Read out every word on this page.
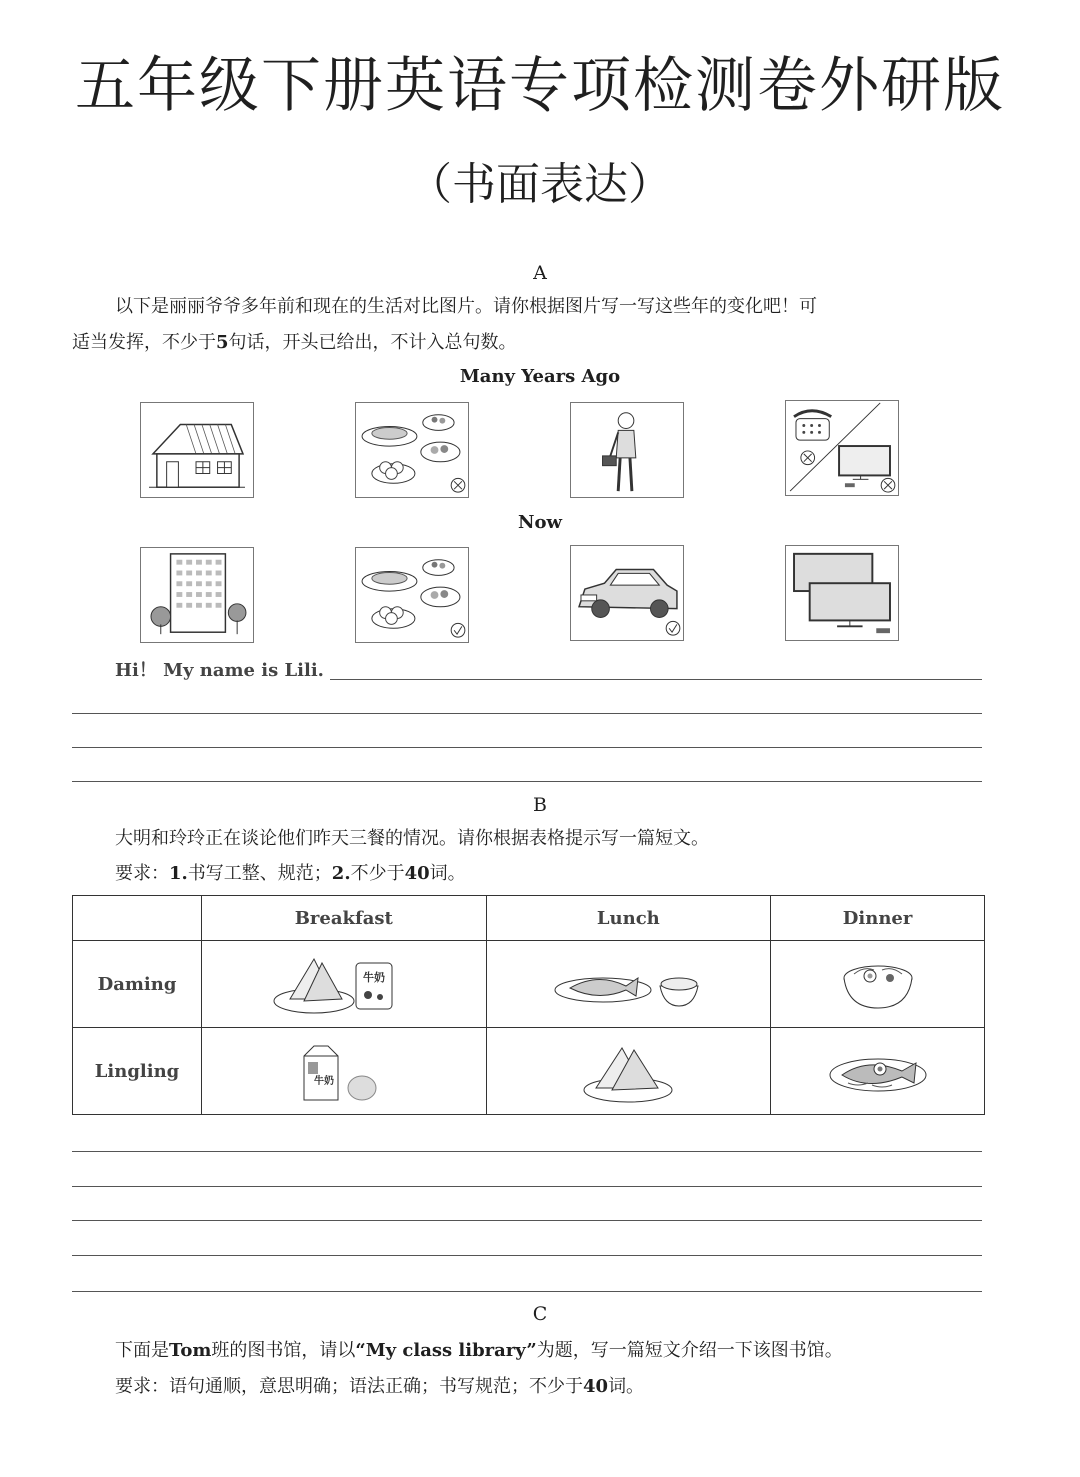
五年级下册英语专项检测卷外研版
（书面表达）
A
以下是丽丽爷爷多年前和现在的生活对比图片。请你根据图片写一写这些年的变化吧！可
适当发挥，不少于5句话，开头已给出，不计入总句数。
Many Years Ago
Now
Hi！ My name is Lili.
B
大明和玲玲正在谈论他们昨天三餐的情况。请你根据表格提示写一篇短文。
要求：1.书写工整、规范；2.不少于40词。
	Breakfast	Lunch	Dinner
Daming	牛奶

Lingling	牛奶

C
下面是Tom班的图书馆，请以“My class library”为题，写一篇短文介绍一下该图书馆。
要求：语句通顺，意思明确；语法正确；书写规范；不少于40词。
